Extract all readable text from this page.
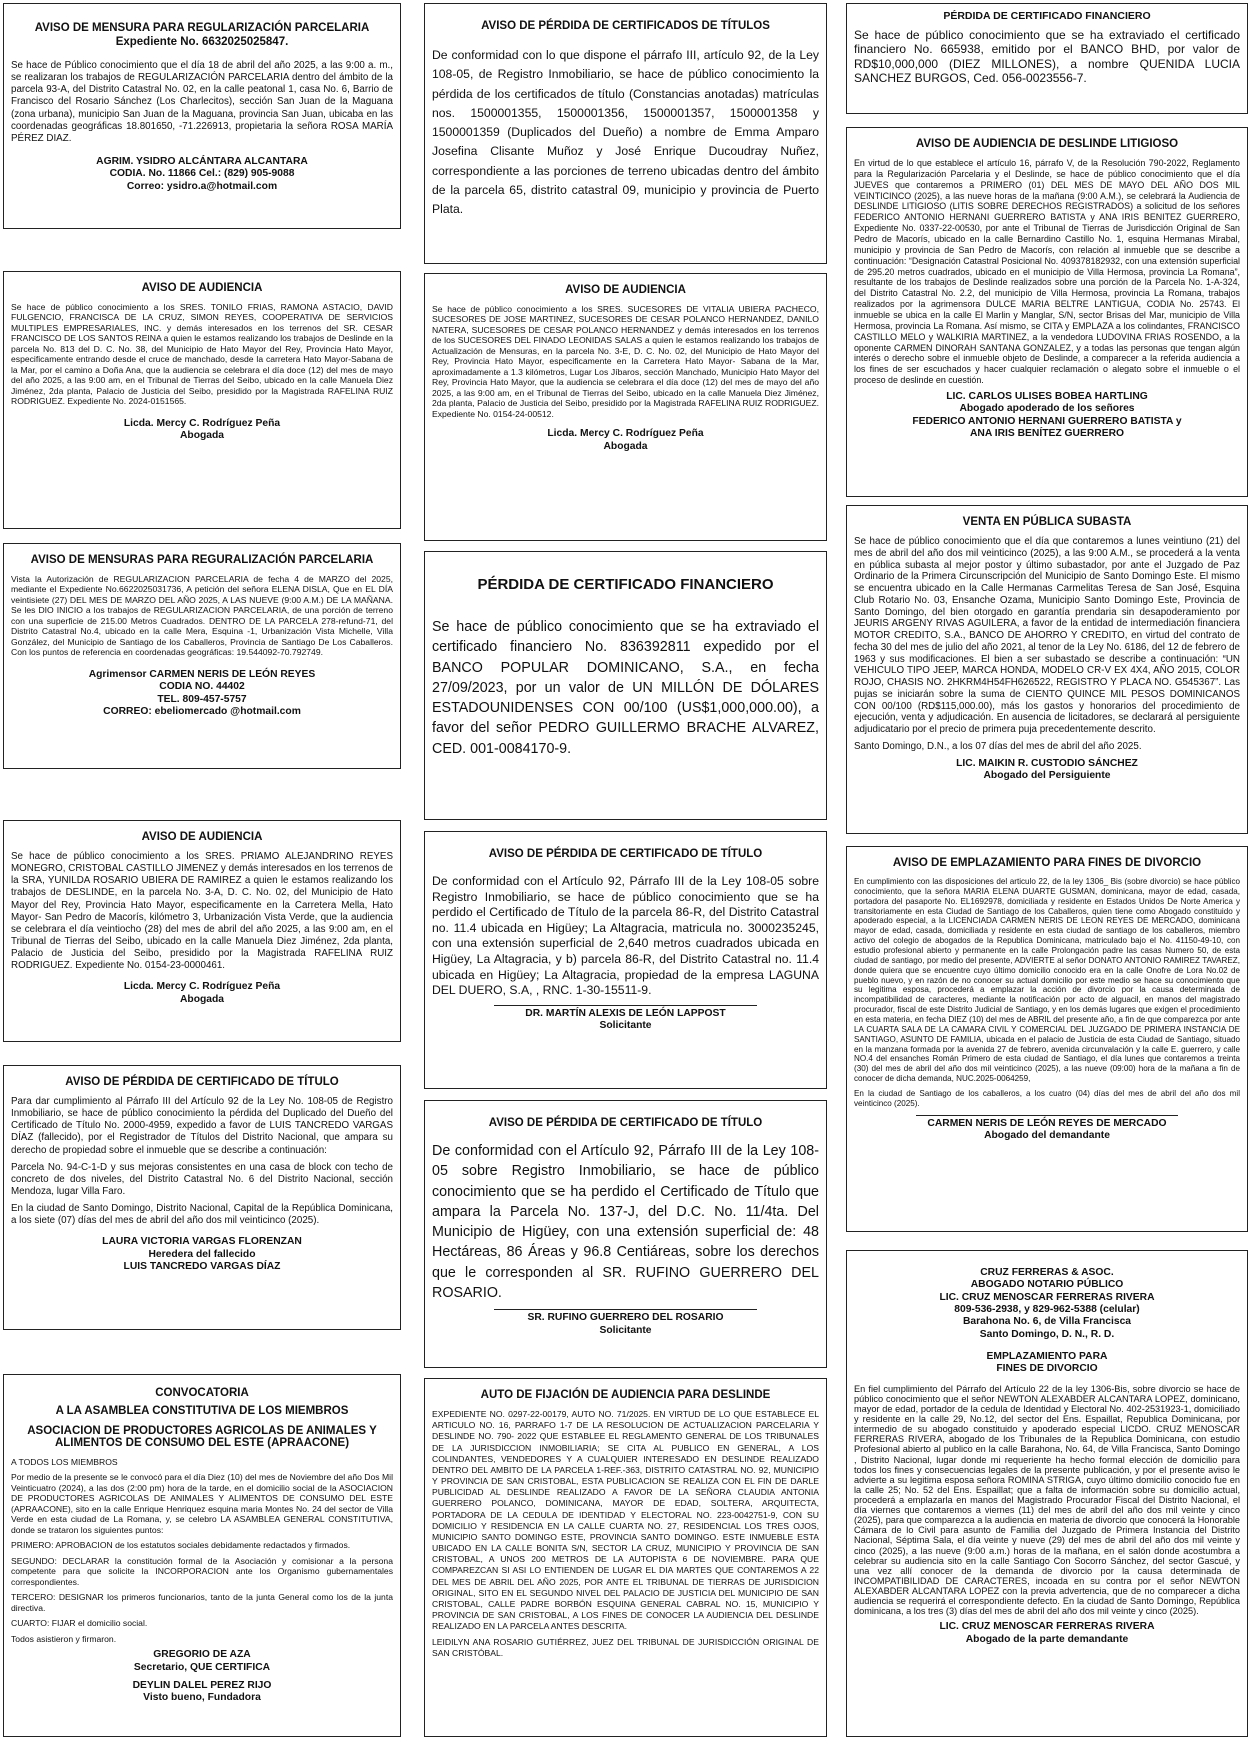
AVISO DE MENSURA PARA REGULARIZACIÓN PARCELARIA
Expediente No. 6632025025847.

Se hace de Público conocimiento que el día 18 de abril del año 2025, a las 9:00 a. m., se realizaran los trabajos de REGULARIZACIÓN PARCELARIA dentro del ámbito de la parcela 93-A, del Distrito Catastral No. 02, en la calle peatonal 1, casa No. 6, Barrio de Francisco del Rosario Sánchez (Los Charlecitos), sección San Juan de la Maguana (zona urbana), municipio San Juan de la Maguana, provincia San Juan, ubicaba en las coordenadas geográficas 18.801650, -71.226913, propietaria la señora ROSA MARÍA PÉREZ DIAZ.

AGRIM. YSIDRO ALCÁNTARA ALCANTARA

CODIA. No. 11866 Cel.: (829) 905-9088

Correo: ysidro.a@hotmail.com

AVISO DE AUDIENCIA

Se hace de público conocimiento a los SRES. TONILO FRIAS, RAMONA ASTACIO, DAVID FULGENCIO, FRANCISCA DE LA CRUZ, SIMON REYES, COOPERATIVA DE SERVICIOS MULTIPLES EMPRESARIALES, INC. y demás interesados en los terrenos del SR. CESAR FRANCISCO DE LOS SANTOS REINA a quien le estamos realizando los trabajos de Deslinde en la parcela No. 813 del D. C. No. 38, del Municipio de Hato Mayor del Rey, Provincia Hato Mayor, especificamente entrando desde el cruce de manchado, desde la carretera Hato Mayor-Sabana de la Mar, por el camino a Doña Ana, que la audiencia se celebrara el día doce (12) del mes de mayo del año 2025, a las 9:00 am, en el Tribunal de Tierras del Seibo, ubicado en la calle Manuela Diez Jiménez, 2da planta, Palacio de Justicia del Seibo, presidido por la Magistrada RAFELINA RUIZ RODRIGUEZ. Expediente No. 2024-0151565.

Licda. Mercy C. Rodríguez Peña

Abogada

AVISO DE MENSURAS PARA REGURALIZACIÓN PARCELARIA

Vista la Autorización de REGULARIZACION PARCELARIA de fecha 4 de MARZO del 2025, mediante el Expediente No.6622025031736, A petición del señora ELENA DISLA, Que en EL DÍA veintisiete (27) DEL MES DE MARZO DEL AÑO 2025, A LAS NUEVE (9:00 A.M.) DE LA MAÑANA. Se les DIO INICIO a los trabajos de REGULARIZACION PARCELARIA, de una porción de terreno con una superficie de 215.00 Metros Cuadrados. DENTRO DE LA PARCELA 278-refund-71, del Distrito Catastral No.4, ubicado en la calle Mera, Esquina -1, Urbanización Vista Michelle, Villa González, del Municipio de Santiago de los Caballeros, Provincia de Santiago De Los Caballeros. Con los puntos de referencia en coordenadas geográficas: 19.544092-70.792749.

Agrimensor CARMEN NERIS DE LEÓN REYES

CODIA NO. 44402

TEL. 809-457-5757

CORREO: ebeliomercado @hotmail.com

AVISO DE AUDIENCIA

Se hace de público conocimiento a los SRES. PRIAMO ALEJANDRINO REYES MONEGRO, CRISTOBAL CASTILLO JIMENEZ y demás interesados en los terrenos de la SRA, YUNILDA ROSARIO UBIERA DE RAMIREZ a quien le estamos realizando los trabajos de DESLINDE, en la parcela No. 3-A, D. C. No. 02, del Municipio de Hato Mayor del Rey, Provincia Hato Mayor, especificamente en la Carretera Mella, Hato Mayor- San Pedro de Macorís, kilómetro 3, Urbanización Vista Verde, que la audiencia se celebrara el día veintiocho (28) del mes de abril del año 2025, a las 9:00 am, en el Tribunal de Tierras del Seibo, ubicado en la calle Manuela Diez Jiménez, 2da planta, Palacio de Justicia del Seibo, presidido por la Magistrada RAFELINA RUIZ RODRIGUEZ. Expediente No. 0154-23-0000461.

Licda. Mercy C. Rodríguez Peña

Abogada

AVISO DE PÉRDIDA DE CERTIFICADO DE TÍTULO

Para dar cumplimiento al Párrafo III del Artículo 92 de la Ley No. 108-05 de Registro Inmobiliario, se hace de público conocimiento la pérdida del Duplicado del Dueño del Certificado de Título No. 2000-4959, expedido a favor de LUIS TANCREDO VARGAS DÍAZ (fallecido), por el Registrador de Títulos del Distrito Nacional, que ampara su derecho de propiedad sobre el inmueble que se describe a continuación:

Parcela No. 94-C-1-D y sus mejoras consistentes en una casa de block con techo de concreto de dos niveles, del Distrito Catastral No. 6 del Distrito Nacional, sección Mendoza, lugar Villa Faro.

En la ciudad de Santo Domingo, Distrito Nacional, Capital de la República Dominicana, a los siete (07) días del mes de abril del año dos mil veinticinco (2025).

LAURA VICTORIA VARGAS FLORENZAN

Heredera del fallecido

LUIS TANCREDO VARGAS DÍAZ

CONVOCATORIA
A LA ASAMBLEA CONSTITUTIVA DE LOS MIEMBROS
ASOCIACION DE PRODUCTORES AGRICOLAS DE ANIMALES Y ALIMENTOS DE CONSUMO DEL ESTE (APRAACONE)

A TODOS LOS MIEMBROS

Por medio de la presente se le convocó para el día Diez (10) del mes de Noviembre del año Dos Mil Veinticuatro (2024), a las dos (2:00 pm) hora de la tarde, en el domicilio social de la ASOCIACION DE PRODUCTORES AGRICOLAS DE ANIMALES Y ALIMENTOS DE CONSUMO DEL ESTE (APRAACONE), sito en la calle Enrique Henriquez esquina maria Montes No. 24 del sector de Villa Verde en esta ciudad de La Romana, y, se celebro LA ASAMBLEA GENERAL CONSTITUTIVA, donde se trataron los siguientes puntos:

PRIMERO: APROBACION de los estatutos sociales debidamente redactados y firmados.

SEGUNDO: DECLARAR la constitución formal de la Asociación y comisionar a la persona competente para que solicite la INCORPORACION ante los Organismo gubernamentales correspondientes.

TERCERO: DESIGNAR los primeros funcionarios, tanto de la junta General como los de la junta directiva.

CUARTO: FIJAR el domicilio social.

Todos asistieron y firmaron.

GREGORIO DE AZA

Secretario, QUE CERTIFICA

DEYLIN DALEL PEREZ RIJO

Visto bueno, Fundadora

AVISO DE PÉRDIDA DE CERTIFICADOS DE TÍTULOS

De conformidad con lo que dispone el párrafo III, artículo 92, de la Ley 108-05, de Registro Inmobiliario, se hace de público conocimiento la pérdida de los certificados de título (Constancias anotadas) matrículas nos. 1500001355, 1500001356, 1500001357, 1500001358 y 1500001359 (Duplicados del Dueño) a nombre de Emma Amparo Josefina Clisante Muñoz y José Enrique Ducoudray Nuñez, correspondiente a las porciones de terreno ubicadas dentro del ámbito de la parcela 65, distrito catastral 09, municipio y provincia de Puerto Plata.

AVISO DE AUDIENCIA

Se hace de público conocimiento a los SRES. SUCESORES DE VITALIA UBIERA PACHECO, SUCESORES DE JOSE MARTINEZ, SUCESORES DE CESAR POLANCO HERNANDEZ, DANILO NATERA, SUCESORES DE CESAR POLANCO HERNANDEZ y demás interesados en los terrenos de los SUCESORES DEL FINADO LEONIDAS SALAS a quien le estamos realizando los trabajos de Actualización de Mensuras, en la parcela No. 3-E, D. C. No. 02, del Municipio de Hato Mayor del Rey, Provincia Hato Mayor, especificamente en la Carretera Hato Mayor- Sabana de la Mar, aproximadamente a 1.3 kilómetros, Lugar Los Jíbaros, sección Manchado, Municipio Hato Mayor del Rey, Provincia Hato Mayor, que la audiencia se celebrara el día doce (12) del mes de mayo del año 2025, a las 9:00 am, en el Tribunal de Tierras del Seibo, ubicado en la calle Manuela Diez Jiménez, 2da planta, Palacio de Justicia del Seibo, presidido por la Magistrada RAFELINA RUIZ RODRIGUEZ. Expediente No. 0154-24-00512.

Licda. Mercy C. Rodríguez Peña

Abogada

PÉRDIDA DE CERTIFICADO FINANCIERO

Se hace de público conocimiento que se ha extraviado el certificado financiero No. 836392811 expedido por el BANCO POPULAR DOMINICANO, S.A., en fecha 27/09/2023, por un valor de UN MILLÓN DE DÓLARES ESTADOUNIDENSES CON 00/100 (US$1,000,000.00), a favor del señor PEDRO GUILLERMO BRACHE ALVAREZ, CED. 001-0084170-9.

AVISO DE PÉRDIDA DE CERTIFICADO DE TÍTULO

De conformidad con el Artículo 92, Párrafo III de la Ley 108-05 sobre Registro Inmobiliario, se hace de público conocimiento que se ha perdido el Certificado de Título de la parcela 86-R, del Distrito Catastral no. 11.4 ubicada en Higüey; La Altagracia, matricula no. 3000235245, con una extensión superficial de 2,640 metros cuadrados ubicada en Higüey, La Altagracia, y b) parcela 86-R, del Distrito Catastral no. 11.4 ubicada en Higüey; La Altagracia, propiedad de la empresa LAGUNA DEL DUERO, S.A, , RNC. 1-30-15511-9.

DR. MARTÍN ALEXIS DE LEÓN LAPPOST

Solicitante

AVISO DE PÉRDIDA DE CERTIFICADO DE TÍTULO

De conformidad con el Artículo 92, Párrafo III de la Ley 108-05 sobre Registro Inmobiliario, se hace de público conocimiento que se ha perdido el Certificado de Título que ampara la Parcela No. 137-J, del D.C. No. 11/4ta. Del Municipio de Higüey, con una extensión superficial de: 48 Hectáreas, 86 Áreas y 96.8 Centiáreas, sobre los derechos que le corresponden al SR. RUFINO GUERRERO DEL ROSARIO.

SR. RUFINO GUERRERO DEL ROSARIO

Solicitante

AUTO DE FIJACIÓN DE AUDIENCIA PARA DESLINDE

EXPEDIENTE NO. 0297-22-00179, AUTO NO. 71/2025. EN VIRTUD DE LO QUE ESTABLECE EL ARTICULO NO. 16, PARRAFO 1-7 DE LA RESOLUCION DE ACTUALIZACION PARCELARIA Y DESLINDE NO. 790- 2022 QUE ESTABLEE EL REGLAMENTO GENERAL DE LOS TRIBUNALES DE LA JURISDICCION INMOBILIARIA; SE CITA AL PUBLICO EN GENERAL, A LOS COLINDANTES, VENDEDORES Y A CUALQUIER INTERESADO EN DESLINDE REALIZADO DENTRO DEL AMBITO DE LA PARCELA 1-REF.-363, DISTRITO CATASTRAL NO. 92, MUNICIPIO Y PROVINCIA DE SAN CRISTOBAL, ESTA PUBLICACION SE REALIZA CON EL FIN DE DARLE PUBLICIDAD AL DESLINDE REALIZADO A FAVOR DE LA SEÑORA CLAUDIA ANTONIA GUERRERO POLANCO, DOMINICANA, MAYOR DE EDAD, SOLTERA, ARQUITECTA, PORTADORA DE LA CEDULA DE IDENTIDAD Y ELECTORAL NO. 223-0042751-9, CON SU DOMICILIO Y RESIDENCIA EN LA CALLE CUARTA NO. 27, RESIDENCIAL LOS TRES OJOS, MUNICIPIO SANTO DOMINGO ESTE, PROVINCIA SANTO DOMINGO. ESTE INMUEBLE ESTA UBICADO EN LA CALLE BONITA S/N, SECTOR LA CRUZ, MUNICIPIO Y PROVINCIA DE SAN CRISTOBAL, A UNOS 200 METROS DE LA AUTOPISTA 6 DE NOVIEMBRE. PARA QUE COMPAREZCAN SI ASI LO ENTIENDEN DE LUGAR EL DIA MARTES QUE CONTAREMOS A 22 DEL MES DE ABRIL DEL AÑO 2025, POR ANTE EL TRIBUNAL DE TIERRAS DE JURISDICION ORIGINAL, SITO EN EL SEGUNDO NIVEL DEL PALACIO DE JUSTICIA DEL MUNICIPIO DE SAN CRISTOBAL, CALLE PADRE BORBÓN ESQUINA GENERAL CABRAL NO. 15, MUNICIPIO Y PROVINCIA DE SAN CRISTOBAL, A LOS FINES DE CONOCER LA AUDIENCIA DEL DESLINDE REALIZADO EN LA PARCELA ANTES DESCRITA.

LEIDILYN ANA ROSARIO GUTIÉRREZ, JUEZ DEL TRIBUNAL DE JURISDICCIÓN ORIGINAL DE SAN CRISTÓBAL.

PÉRDIDA DE CERTIFICADO FINANCIERO

Se hace de público conocimiento que se ha extraviado el certificado financiero No. 665938, emitido por el BANCO BHD, por valor de RD$10,000,000 (DIEZ MILLONES), a nombre QUENIDA LUCIA SANCHEZ BURGOS, Ced. 056-0023556-7.

AVISO DE AUDIENCIA DE DESLINDE LITIGIOSO

En virtud de lo que establece el artículo 16, párrafo V, de la Resolución 790-2022, Reglamento para la Regularización Parcelaria y el Deslinde, se hace de público conocimiento que el día JUEVES que contaremos a PRIMERO (01) DEL MES DE MAYO DEL AÑO DOS MIL VEINTICINCO (2025), a las nueve horas de la mañana (9:00 A.M.), se celebrará la Audiencia de DESLINDE LITIGIOSO (LITIS SOBRE DERECHOS REGISTRADOS) a solicitud de los señores FEDERICO ANTONIO HERNANI GUERRERO BATISTA y ANA IRIS BENITEZ GUERRERO, Expediente No. 0337-22-00530, por ante el Tribunal de Tierras de Jurisdicción Original de San Pedro de Macorís, ubicado en la calle Bernardino Castillo No. 1, esquina Hermanas Mirabal, municipio y provincia de San Pedro de Macorís, con relación al inmueble que se describe a continuación: “Designación Catastral Posicional No. 409378182932, con una extensión superficial de 295.20 metros cuadrados, ubicado en el municipio de Villa Hermosa, provincia La Romana”, resultante de los trabajos de Deslinde realizados sobre una porción de la Parcela No. 1-A-324, del Distrito Catastral No. 2.2, del municipio de Villa Hermosa, provincia La Romana, trabajos realizados por la agrimensora DULCE MARIA BELTRE LANTIGUA, CODIA No. 25743. El inmueble se ubica en la calle El Marlin y Manglar, S/N, sector Brisas del Mar, municipio de Villa Hermosa, provincia La Romana. Así mismo, se CITA y EMPLAZA a los colindantes, FRANCISCO CASTILLO MELO y WALKIRIA MARTINEZ, a la vendedora LUDOVINA FRIAS ROSENDO, a la oponente CARMEN DINORAH SANTANA GONZALEZ, y a todas las personas que tengan algún interés o derecho sobre el inmueble objeto de Deslinde, a comparecer a la referida audiencia a los fines de ser escuchados y hacer cualquier reclamación o alegato sobre el inmueble o el proceso de deslinde en cuestión.

LIC. CARLOS ULISES BOBEA HARTLING

Abogado apoderado de los señores

FEDERICO ANTONIO HERNANI GUERRERO BATISTA y

ANA IRIS BENÍTEZ GUERRERO

VENTA EN PÚBLICA SUBASTA

Se hace de público conocimiento que el día que contaremos a lunes veintiuno (21) del mes de abril del año dos mil veinticinco (2025), a las 9:00 A.M., se procederá a la venta en pública subasta al mejor postor y último subastador, por ante el Juzgado de Paz Ordinario de la Primera Circunscripción del Municipio de Santo Domingo Este. El mismo se encuentra ubicado en la Calle Hermanas Carmelitas Teresa de San José, Esquina Club Rotario No. 03, Ensanche Ozama, Municipio Santo Domingo Este, Provincia de Santo Domingo, del bien otorgado en garantía prendaria sin desapoderamiento por JEURIS ARGENY RIVAS AGUILERA, a favor de la entidad de intermediación financiera MOTOR CREDITO, S.A., BANCO DE AHORRO Y CREDITO, en virtud del contrato de fecha 30 del mes de julio del año 2021, al tenor de la Ley No. 6186, del 12 de febrero de 1963 y sus modificaciones. El bien a ser subastado se describe a continuación: “UN VEHICULO TIPO JEEP, MARCA HONDA, MODELO CR-V EX 4X4, AÑO 2015, COLOR ROJO, CHASIS NO. 2HKRM4H54FH626522, REGISTRO Y PLACA NO. G545367”. Las pujas se iniciarán sobre la suma de CIENTO QUINCE MIL PESOS DOMINICANOS CON 00/100 (RD$115,000.00), más los gastos y honorarios del procedimiento de ejecución, venta y adjudicación. En ausencia de licitadores, se declarará al persiguiente adjudicatario por el precio de primera puja precedentemente descrito.

Santo Domingo, D.N., a los 07 días del mes de abril del año 2025.

LIC. MAIKIN R. CUSTODIO SÁNCHEZ

Abogado del Persiguiente

AVISO DE EMPLAZAMIENTO PARA FINES DE DIVORCIO

En cumplimiento con las disposiciones del articulo 22, de la ley 1306_ Bis (sobre divorcio) se hace público conocimiento, que la señora MARIA ELENA DUARTE GUSMAN, dominicana, mayor de edad, casada, portadora del pasaporte No. EL1692978, domiciliada y residente en Estados Unidos De Norte America y transitoriamente en esta Ciudad de Santiago de los Caballeros, quien tiene como Abogado constituido y apoderado especial, a la LICENCIADA CARMEN NERIS DE LEON REYES DE MERCADO, dominicana mayor de edad, casada, domiciliada y residente en esta ciudad de santiago de los caballeros, miembro activo del colegio de abogados de la Republica Dominicana, matriculado bajo el No. 41150-49-10, con estudio profesional abierto y permanente en la calle Prolongación padre las casas Numero 50, de esta ciudad de santiago, por medio del presente, ADVIERTE al señor DONATO ANTONIO RAMIREZ TAVAREZ, donde quiera que se encuentre cuyo último domicilio conocido era en la calle Onofre de Lora No.02 de pueblo nuevo, y en razón de no conocer su actual domicilio por este medio se hace su conocimiento que su legitima esposa, procederá a emplazar la acción de divorcio por la causa determinada de incompatibilidad de caracteres, mediante la notificación por acto de alguacil, en manos del magistrado procurador, fiscal de este Distrito Judicial de Santiago, y en los demás lugares que exigen el procedimiento en esta materia, en fecha DIEZ (10) del mes de ABRIL del presente año, a fin de que comparezca por ante LA CUARTA SALA DE LA CAMARA CIVIL Y COMERCIAL DEL JUZGADO DE PRIMERA INSTANCIA DE SANTIAGO, ASUNTO DE FAMILIA, ubicada en el palacio de Justicia de esta Ciudad de Santiago, situado en la manzana formada por la avenida 27 de febrero, avenida circunvalación y la calle E. guerrero, y calle NO.4 del ensanches Román Primero de esta ciudad de Santiago, el día lunes que contaremos a treinta (30) del mes de abril del año dos mil veinticinco (2025), a las nueve (09:00) hora de la mañana a fin de conocer de dicha demanda, NUC.2025-0064259,

En la ciudad de Santiago de los caballeros, a los cuatro (04) días del mes de abril del año dos mil veinticinco (2025).

CARMEN NERIS DE LEÓN REYES DE MERCADO

Abogado del demandante

CRUZ FERRERAS & ASOC.

ABOGADO NOTARIO PÚBLICO

LIC. CRUZ MENOSCAR FERRERAS RIVERA

809-536-2938, y 829-962-5388 (celular)

Barahona No. 6, de Villa Francisca

Santo Domingo, D. N., R. D.

EMPLAZAMIENTO PARA

FINES DE DIVORCIO

En fiel cumplimiento del Párrafo del Artículo 22 de la ley 1306-Bis, sobre divorcio se hace de público conocimiento que el señor NEWTON ALEXABDER ALCANTARA LOPEZ, dominicano, mayor de edad, portador de la cedula de Identidad y Electoral No. 402-2531923-1, domiciliado y residente en la calle 29, No.12, del sector del Ens. Espaillat, Republica Dominicana, por intermedio de su abogado constituido y apoderado especial LICDO. CRUZ MENOSCAR FERRERAS RIVERA, abogado de los Tribunales de la Republica Dominicana, con estudio Profesional abierto al publico en la calle Barahona, No. 64, de Villa Francisca, Santo Domingo , Distrito Nacional, lugar donde mi requeriente ha hecho formal elección de domicilio para todos los fines y consecuencias legales de la presente publicación, y por el presente aviso le advierte a su legitima esposa señora ROMINA STRIGA, cuyo último domicilio conocido fue en la calle 25; No. 52 del Ens. Espaillat; que a falta de información sobre su domicilio actual, procederá a emplazarla en manos del Magistrado Procurador Fiscal del Distrito Nacional, el día viernes que contaremos a viernes (11) del mes de abril del año dos mil veinte y cinco (2025), para que comparezca a la audiencia en materia de divorcio que conocerá la Honorable Cámara de lo Civil para asunto de Familia del Juzgado de Primera Instancia del Distrito Nacional, Séptima Sala, el día veinte y nueve (29) del mes de abril del año dos mil veinte y cinco (2025), a las nueve (9:00 a.m.) horas de la mañana, en el salón donde acostumbra a celebrar su audiencia sito en la calle Santiago Con Socorro Sánchez, del sector Gascué, y una vez allí conocer de la demanda de divorcio por la causa determinada de INCOMPATIBILIDAD DE CARACTERES, incoada en su contra por el señor NEWTON ALEXABDER ALCANTARA LOPEZ con la previa advertencia, que de no comparecer a dicha audiencia se requerirá el correspondiente defecto. En la ciudad de Santo Domingo, República dominicana, a los tres (3) días del mes de abril del año dos mil veinte y cinco (2025).

LIC. CRUZ MENOSCAR FERRERAS RIVERA

Abogado de la parte demandante
